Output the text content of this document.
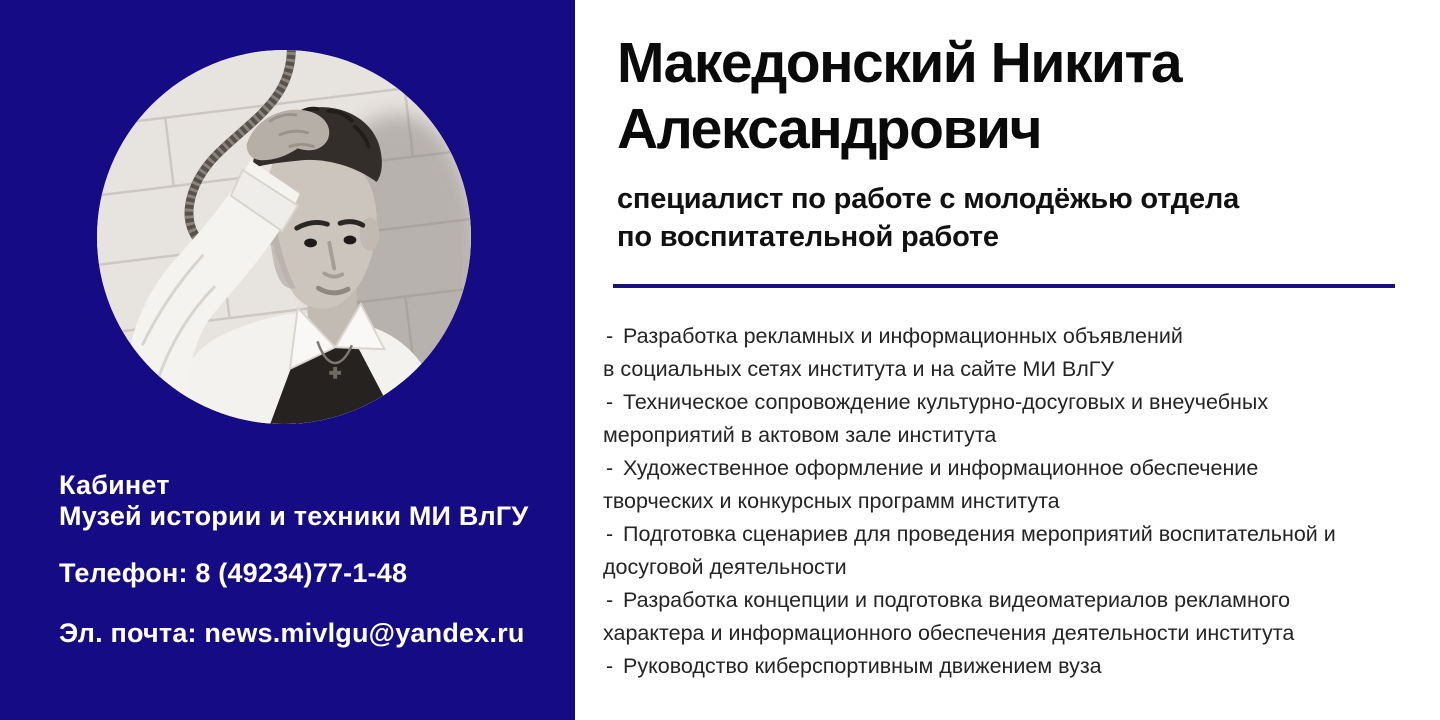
Кабинет
Музей истории и техники МИ ВлГУ
Телефон: 8 (49234)77-1-48
Эл. почта: news.mivlgu@yandex.ru
Македонский Никита
Александрович
специалист по работе с молодёжью отдела
по воспитательной работе
- Разработка рекламных и информационных объявлений
в социальных сетях института и на сайте МИ ВлГУ
- Техническое сопровождение культурно-досуговых и внеучебных
мероприятий в актовом зале института
- Художественное оформление и информационное обеспечение
творческих и конкурсных программ института
- Подготовка сценариев для проведения мероприятий воспитательной и
досуговой деятельности
- Разработка концепции и подготовка видеоматериалов рекламного
характера и информационного обеспечения деятельности института
- Руководство киберспортивным движением вуза
